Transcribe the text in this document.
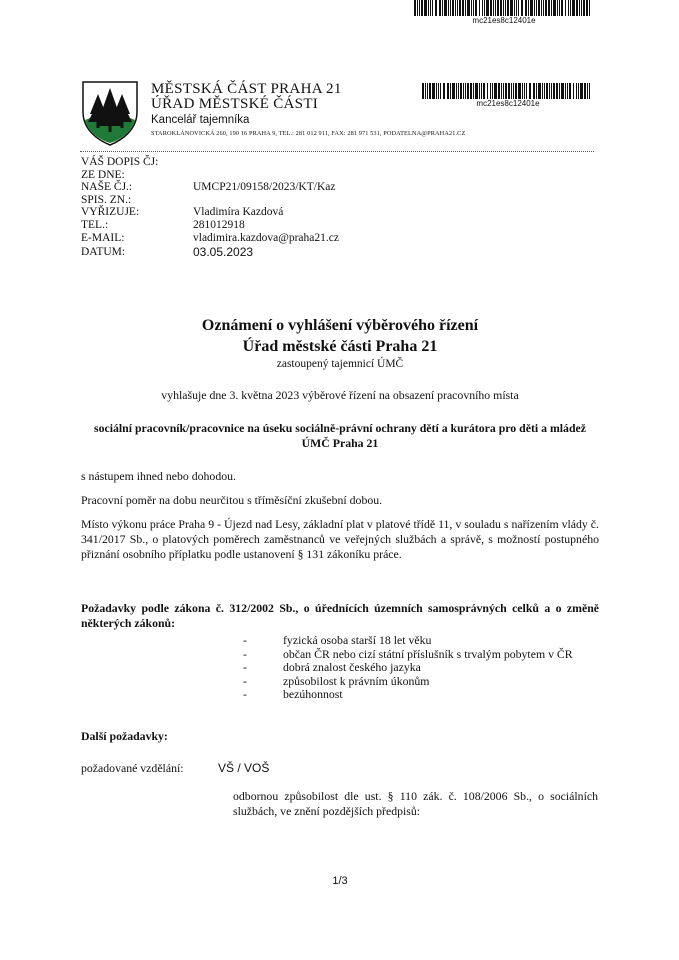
mc21es8c12401e
MĚSTSKÁ ČÁST PRAHA 21
ÚŘAD MĚSTSKÉ ČÁSTI
Kancelář tajemníka
STAROKLÁNOVICKÁ 260, 190 16 PRAHA 9, TEL.: 281 012 911, FAX: 281 971 531, PODATELNA@PRAHA21.CZ
mc21es8c12401e
VÁŠ DOPIS ČJ:
ZE DNE:
NAŠE ČJ.:	UMCP21/09158/2023/KT/Kaz
SPIS. ZN.:
VYŘIZUJE:	Vladimíra Kazdová
TEL.:	281012918
E-MAIL:	vladimira.kazdova@praha21.cz
DATUM:	03.05.2023
Oznámení o vyhlášení výběrového řízení
Úřad městské části Praha 21
zastoupený tajemnicí ÚMČ
vyhlašuje dne 3. května 2023 výběrové řízení na obsazení pracovního místa
sociální pracovník/pracovnice na úseku sociálně-právní ochrany dětí a kurátora pro děti a mládež ÚMČ Praha 21
s nástupem ihned nebo dohodou.
Pracovní poměr na dobu neurčitou s tříměsíční zkušební dobou.
Místo výkonu práce Praha 9 - Újezd nad Lesy, základní plat v platové třídě 11, v souladu s nařízením vlády č. 341/2017 Sb., o platových poměrech zaměstnanců ve veřejných službách a správě, s možností postupného přiznání osobního příplatku podle ustanovení § 131 zákoníku práce.
Požadavky podle zákona č. 312/2002 Sb., o úřednících územních samosprávných celků a o změně některých zákonů:
-	fyzická osoba starší 18 let věku
-	občan ČR nebo cizí státní příslušník s trvalým pobytem v ČR
-	dobrá znalost českého jazyka
-	způsobilost k právním úkonům
-	bezúhonnost
Další požadavky:
požadované vzdělání:	VŠ / VOŠ
odbornou způsobilost dle ust. § 110 zák. č. 108/2006 Sb., o sociálních službách, ve znění pozdějších předpisů:
1/3
